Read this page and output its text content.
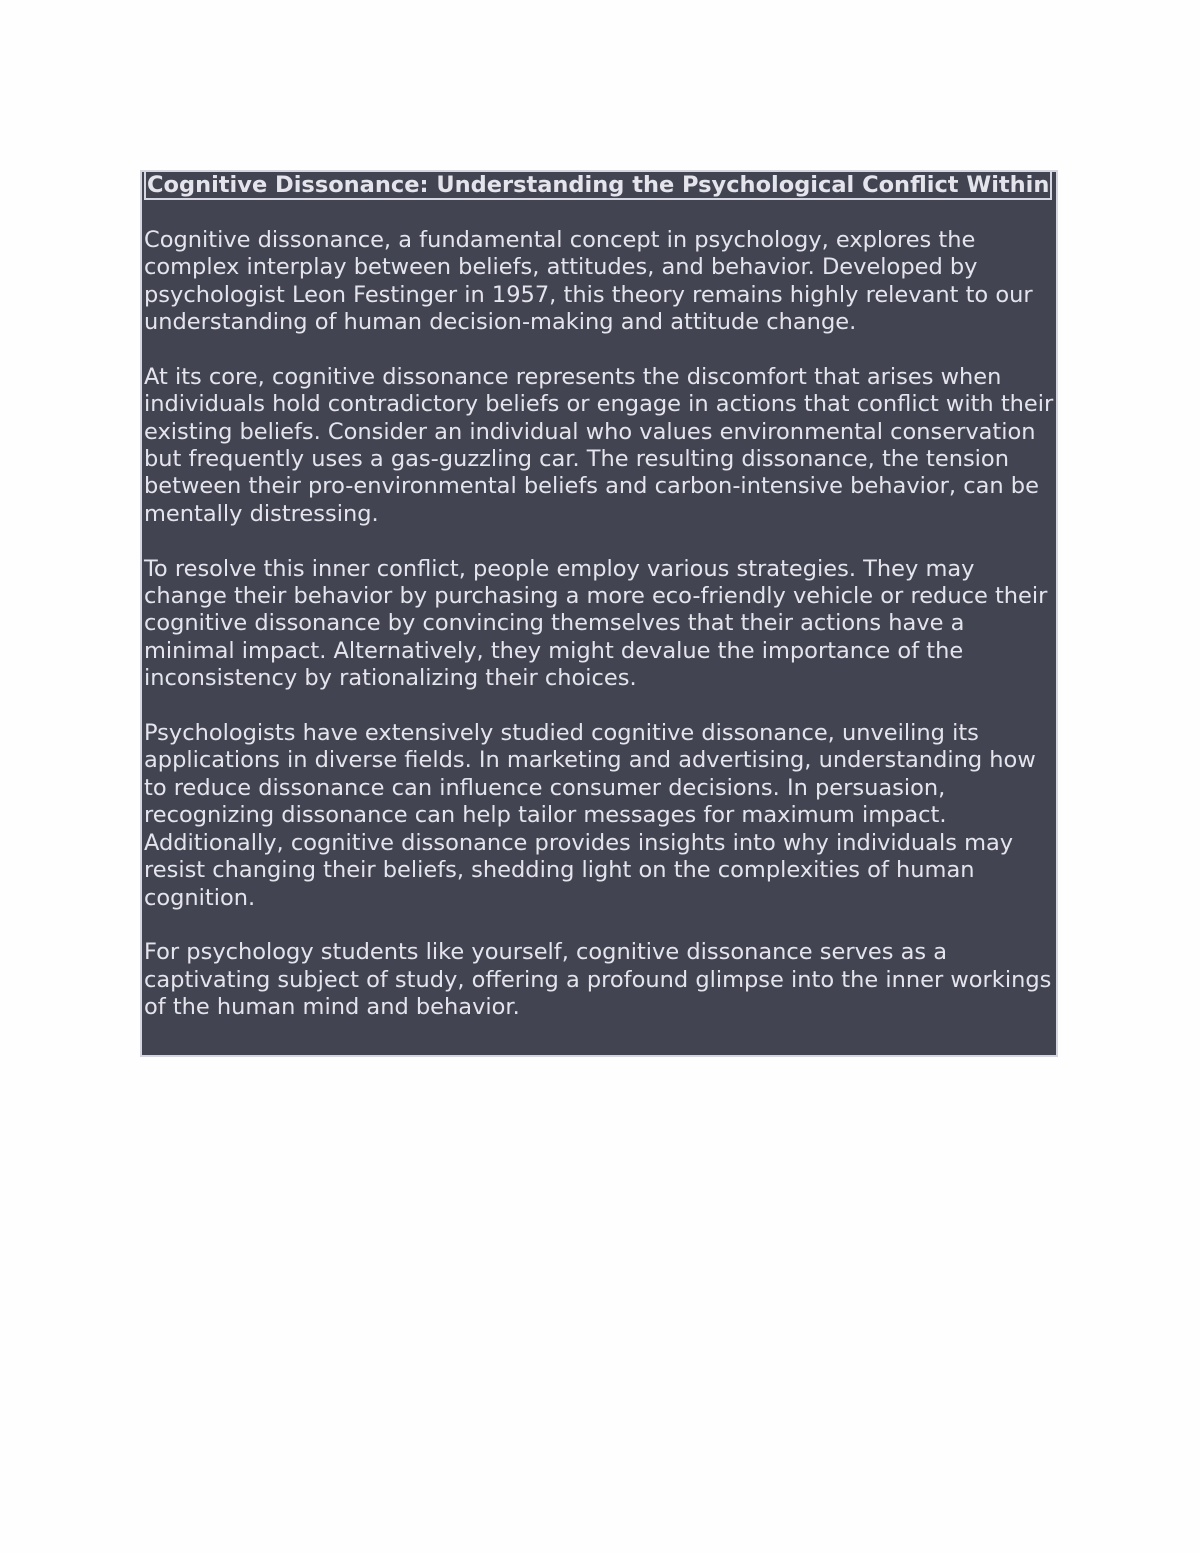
Cognitive Dissonance: Understanding the Psychological Conflict Within

Cognitive dissonance, a fundamental concept in psychology, explores the complex interplay between beliefs, attitudes, and behavior. Developed by psychologist Leon Festinger in 1957, this theory remains highly relevant to our understanding of human decision-making and attitude change.

At its core, cognitive dissonance represents the discomfort that arises when individuals hold contradictory beliefs or engage in actions that conflict with their existing beliefs. Consider an individual who values environmental conservation but frequently uses a gas-guzzling car. The resulting dissonance, the tension between their pro-environmental beliefs and carbon-intensive behavior, can be mentally distressing.

To resolve this inner conflict, people employ various strategies. They may change their behavior by purchasing a more eco-friendly vehicle or reduce their cognitive dissonance by convincing themselves that their actions have a minimal impact. Alternatively, they might devalue the importance of the inconsistency by rationalizing their choices.

Psychologists have extensively studied cognitive dissonance, unveiling its applications in diverse fields. In marketing and advertising, understanding how to reduce dissonance can influence consumer decisions. In persuasion, recognizing dissonance can help tailor messages for maximum impact. Additionally, cognitive dissonance provides insights into why individuals may resist changing their beliefs, shedding light on the complexities of human cognition.

For psychology students like yourself, cognitive dissonance serves as a captivating subject of study, offering a profound glimpse into the inner workings of the human mind and behavior.
